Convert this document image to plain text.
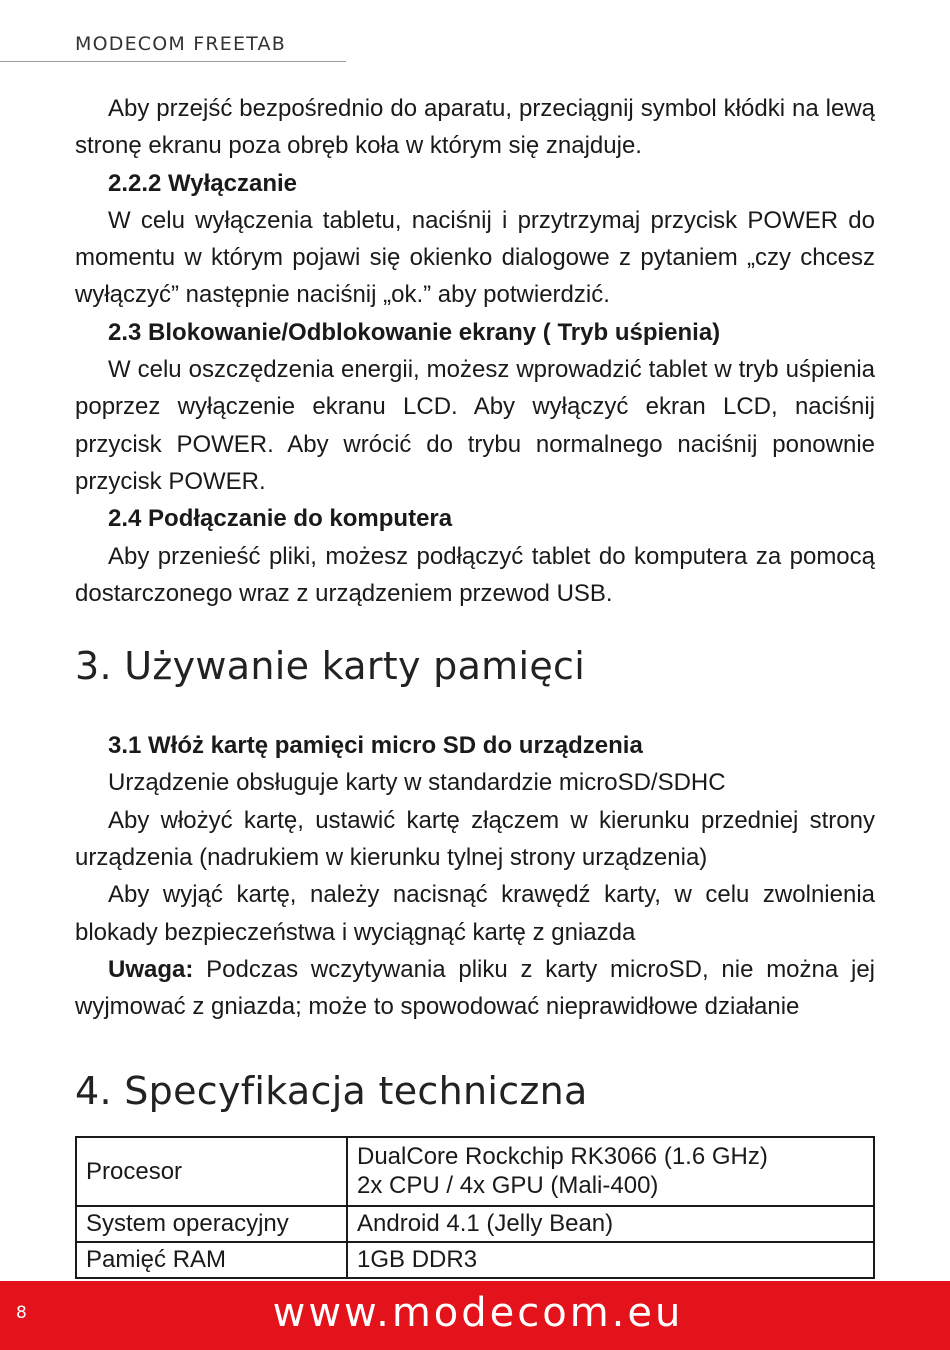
MODECOM FREETAB

Aby przejść bezpośrednio do aparatu, przeciągnij symbol kłódki na lewą stronę ekranu poza obręb koła w którym się znajduje.

2.2.2 Wyłączanie

W celu wyłączenia tabletu, naciśnij i przytrzymaj przycisk POWER do momentu w którym pojawi się okienko dialogowe z pytaniem „czy chcesz wyłączyć” następnie naciśnij „ok.” aby potwierdzić.

2.3 Blokowanie/Odblokowanie ekrany ( Tryb uśpienia)

W celu oszczędzenia energii, możesz wprowadzić tablet w tryb uśpienia poprzez wyłączenie ekranu LCD. Aby wyłączyć ekran LCD, naciśnij przycisk POWER. Aby wrócić do trybu normalnego naciśnij ponownie przycisk POWER.

2.4 Podłączanie do komputera

Aby przenieść pliki, możesz podłączyć tablet do komputera za pomocą dostarczonego wraz z urządzeniem przewod USB.

3. Używanie karty pamięci

3.1 Włóż kartę pamięci micro SD do urządzenia

Urządzenie obsługuje karty w standardzie microSD/SDHC

Aby włożyć kartę, ustawić kartę złączem w kierunku przedniej strony urządzenia (nadrukiem w kierunku tylnej strony urządzenia)

Aby wyjąć kartę, należy nacisnąć krawędź karty, w celu zwolnienia blokady bezpieczeństwa i wyciągnąć kartę z gniazda

Uwaga: Podczas wczytywania pliku z karty microSD, nie można jej wyjmować z gniazda; może to spowodować nieprawidłowe działanie

4. Specyfikacja techniczna
Procesor	DualCore Rockchip RK3066 (1.6 GHz)
2x CPU / 4x GPU (Mali-400)

System operacyjny	Android 4.1 (Jelly Bean)
Pamięć RAM	1GB DDR3
8	www.modecom.eu
